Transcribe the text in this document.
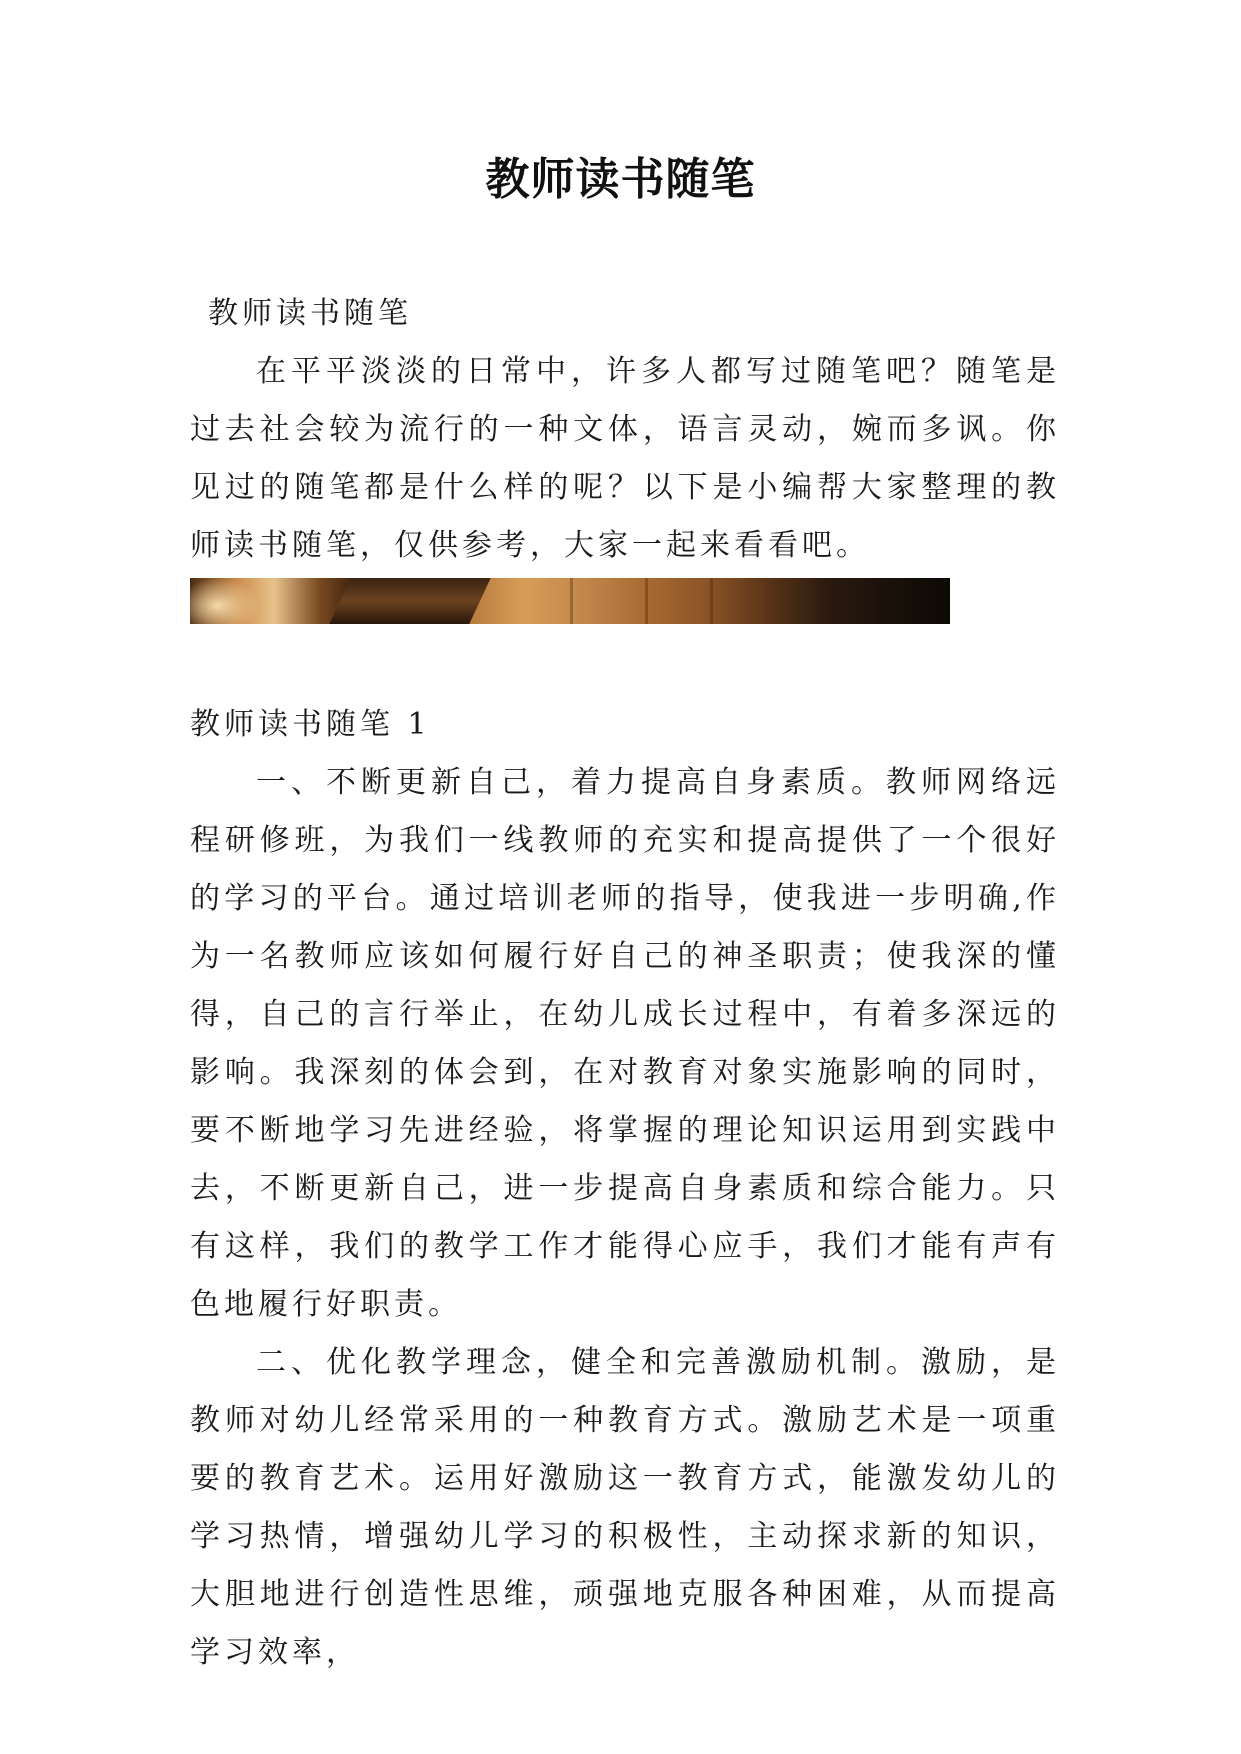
教师读书随笔

教师读书随笔

在平平淡淡的日常中，许多人都写过随笔吧？随笔是过去社会较为流行的一种文体，语言灵动，婉而多讽。你见过的随笔都是什么样的呢？以下是小编帮大家整理的教师读书随笔，仅供参考，大家一起来看看吧。

教师读书随笔 1

一、不断更新自己，着力提高自身素质。教师网络远程研修班，为我们一线教师的充实和提高提供了一个很好的学习的平台。通过培训老师的指导，使我进一步明确,作为一名教师应该如何履行好自己的神圣职责；使我深的懂得，自己的言行举止，在幼儿成长过程中，有着多深远的影响。我深刻的体会到，在对教育对象实施影响的同时，要不断地学习先进经验，将掌握的理论知识运用到实践中去，不断更新自己，进一步提高自身素质和综合能力。只有这样，我们的教学工作才能得心应手，我们才能有声有色地履行好职责。

二、优化教学理念，健全和完善激励机制。激励，是教师对幼儿经常采用的一种教育方式。激励艺术是一项重要的教育艺术。运用好激励这一教育方式，能激发幼儿的学习热情，增强幼儿学习的积极性，主动探求新的知识，大胆地进行创造性思维，顽强地克服各种困难，从而提高学习效率，
